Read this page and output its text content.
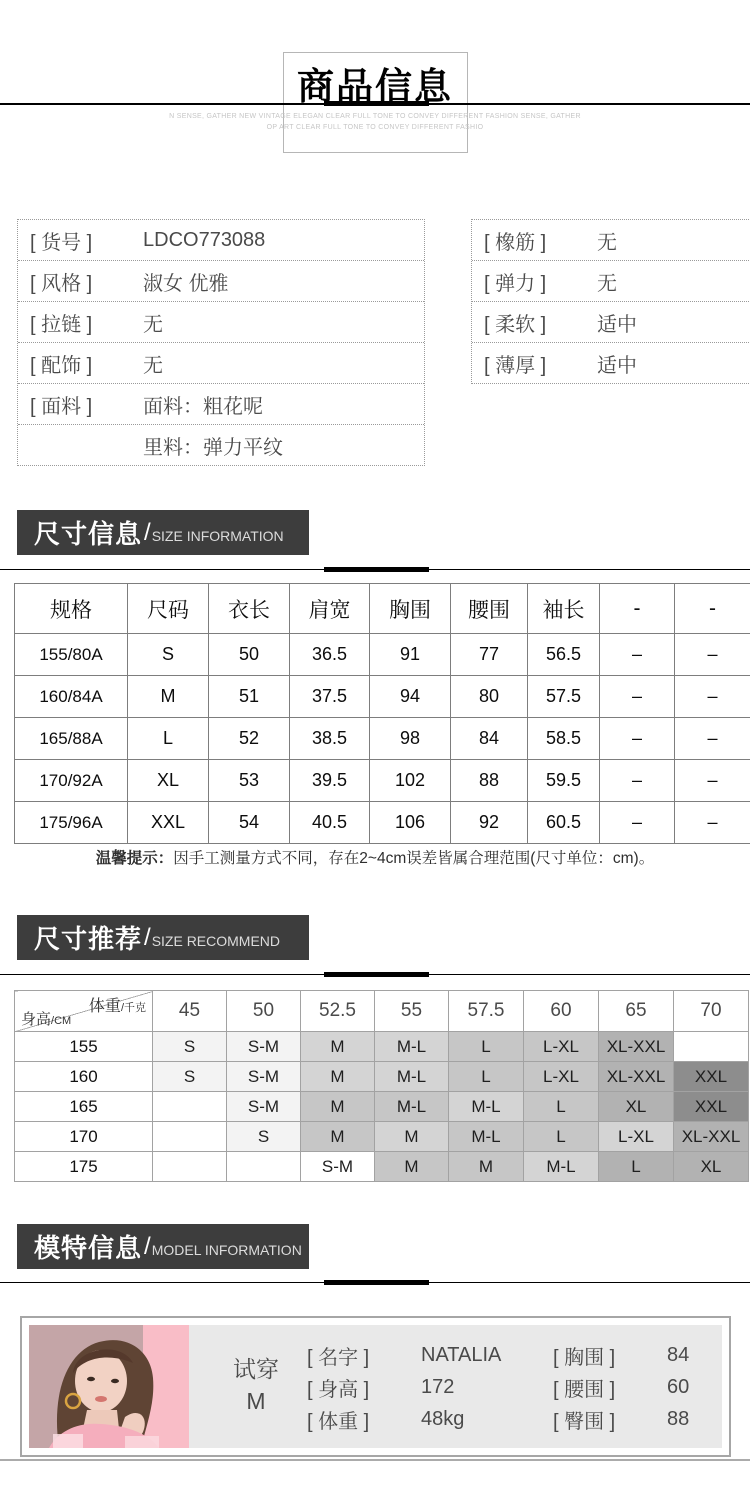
商品信息
N SENSE, GATHER NEW VINTAGE ELEGAN CLEAR FULL TONE TO CONVEY DIFFERENT FASHION SENSE, GATHER
OP ART CLEAR FULL TONE TO CONVEY DIFFERENT FASHIO
[ 货号 ]	LDCO773088
[ 风格 ]	淑女 优雅
[ 拉链 ]	无
[ 配饰 ]	无
[ 面料 ]	面料：粗花呢
里料：弹力平纹
[ 橡筋 ]	无
[ 弹力 ]	无
[ 柔软 ]	适中
[ 薄厚 ]	适中
尺寸信息 / SIZE INFORMATION
规格	尺码	衣长	肩宽	胸围	腰围	袖长	-	-
155/80A	S	50	36.5	91	77	56.5	–	–
160/84A	M	51	37.5	94	80	57.5	–	–
165/88A	L	52	38.5	98	84	58.5	–	–
170/92A	XL	53	39.5	102	88	59.5	–	–
175/96A	XXL	54	40.5	106	92	60.5	–	–
温馨提示：因手工测量方式不同，存在2~4cm误差皆属合理范围(尺寸单位：cm)。
尺寸推荐 / SIZE RECOMMEND
体重/千克
身高/CM	45	50	52.5	55	57.5	60	65	70
155	S	S-M	M	M-L	L	L-XL	XL-XXL	
160	S	S-M	M	M-L	L	L-XL	XL-XXL	XXL
165		S-M	M	M-L	M-L	L	XL	XXL
170		S	M	M	M-L	L	L-XL	XL-XXL
175			S-M	M	M	M-L	L	XL
模特信息 / MODEL INFORMATION
试穿
M
[ 名字 ]	NATALIA
[ 身高 ]	172
[ 体重 ]	48kg
[ 胸围 ]	84
[ 腰围 ]	60
[ 臀围 ]	88
